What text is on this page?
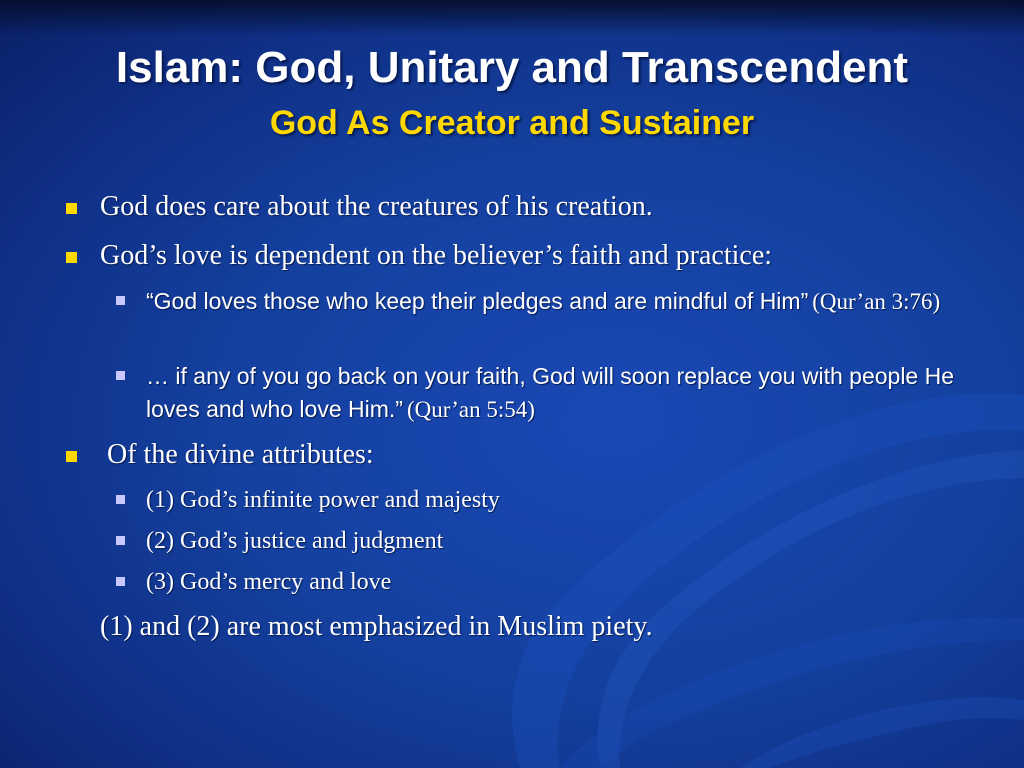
Islam: God, Unitary and Transcendent
God As Creator and Sustainer
God does care about the creatures of his creation.
God’s love is dependent on the believer’s faith and practice:
“God loves those who keep their pledges and are mindful of Him” (Qur’an 3:76)
… if any of you go back on your faith, God will soon replace you with people He loves and who love Him.” (Qur’an 5:54)
Of the divine attributes:
(1) God’s infinite power and majesty
(2) God’s justice and judgment
(3) God’s mercy and love
(1) and (2) are most emphasized in Muslim piety.
